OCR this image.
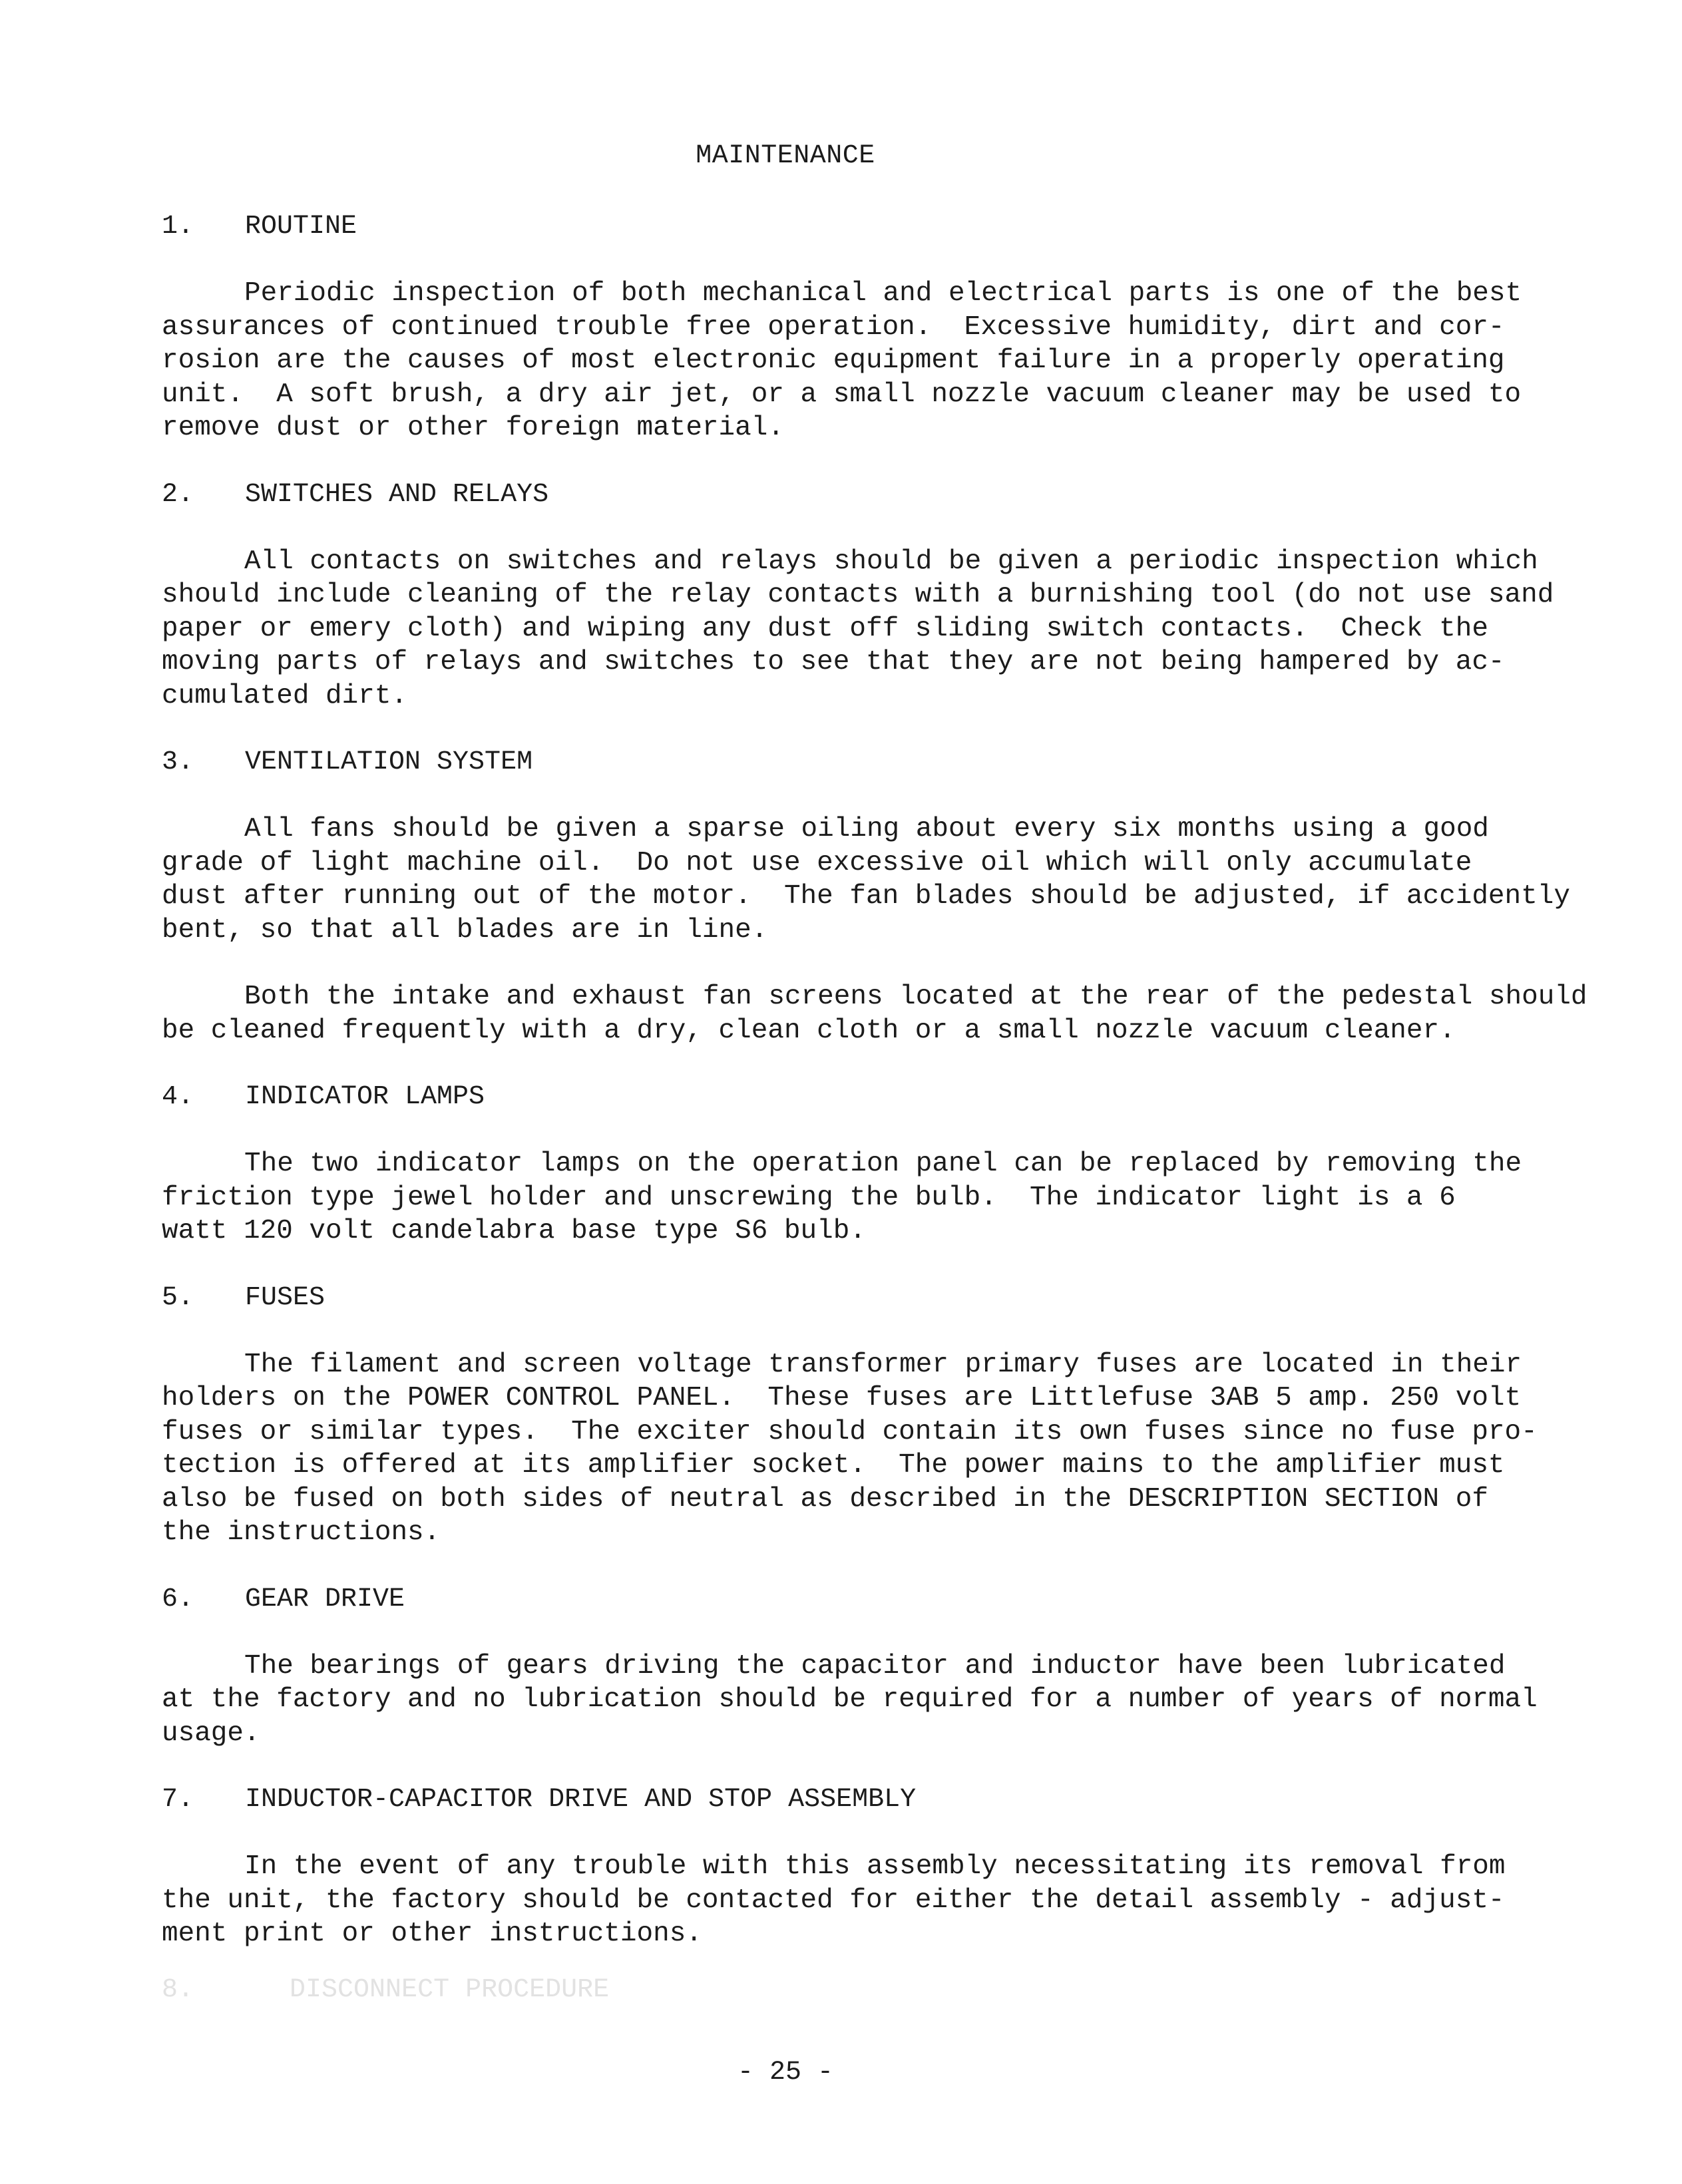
MAINTENANCE
1.	ROUTINE
Periodic inspection of both mechanical and electrical parts is one of the best
assurances of continued trouble free operation.  Excessive humidity, dirt and cor-
rosion are the causes of most electronic equipment failure in a properly operating
unit.  A soft brush, a dry air jet, or a small nozzle vacuum cleaner may be used to
remove dust or other foreign material.
2.	SWITCHES AND RELAYS
All contacts on switches and relays should be given a periodic inspection which
should include cleaning of the relay contacts with a burnishing tool (do not use sand
paper or emery cloth) and wiping any dust off sliding switch contacts.  Check the
moving parts of relays and switches to see that they are not being hampered by ac-
cumulated dirt.
3.	VENTILATION SYSTEM
All fans should be given a sparse oiling about every six months using a good
grade of light machine oil.  Do not use excessive oil which will only accumulate
dust after running out of the motor.  The fan blades should be adjusted, if accidently
bent, so that all blades are in line.
Both the intake and exhaust fan screens located at the rear of the pedestal should
be cleaned frequently with a dry, clean cloth or a small nozzle vacuum cleaner.
4.	INDICATOR LAMPS
The two indicator lamps on the operation panel can be replaced by removing the
friction type jewel holder and unscrewing the bulb.  The indicator light is a 6
watt 120 volt candelabra base type S6 bulb.
5.	FUSES
The filament and screen voltage transformer primary fuses are located in their
holders on the POWER CONTROL PANEL.  These fuses are Littlefuse 3AB 5 amp. 250 volt
fuses or similar types.  The exciter should contain its own fuses since no fuse pro-
tection is offered at its amplifier socket.  The power mains to the amplifier must
also be fused on both sides of neutral as described in the DESCRIPTION SECTION of
the instructions.
6.	GEAR DRIVE
The bearings of gears driving the capacitor and inductor have been lubricated
at the factory and no lubrication should be required for a number of years of normal
usage.
7.	INDUCTOR-CAPACITOR DRIVE AND STOP ASSEMBLY
In the event of any trouble with this assembly necessitating its removal from
the unit, the factory should be contacted for either the detail assembly - adjust-
ment print or other instructions.
8.      DISCONNECT PROCEDURE
- 25 -
